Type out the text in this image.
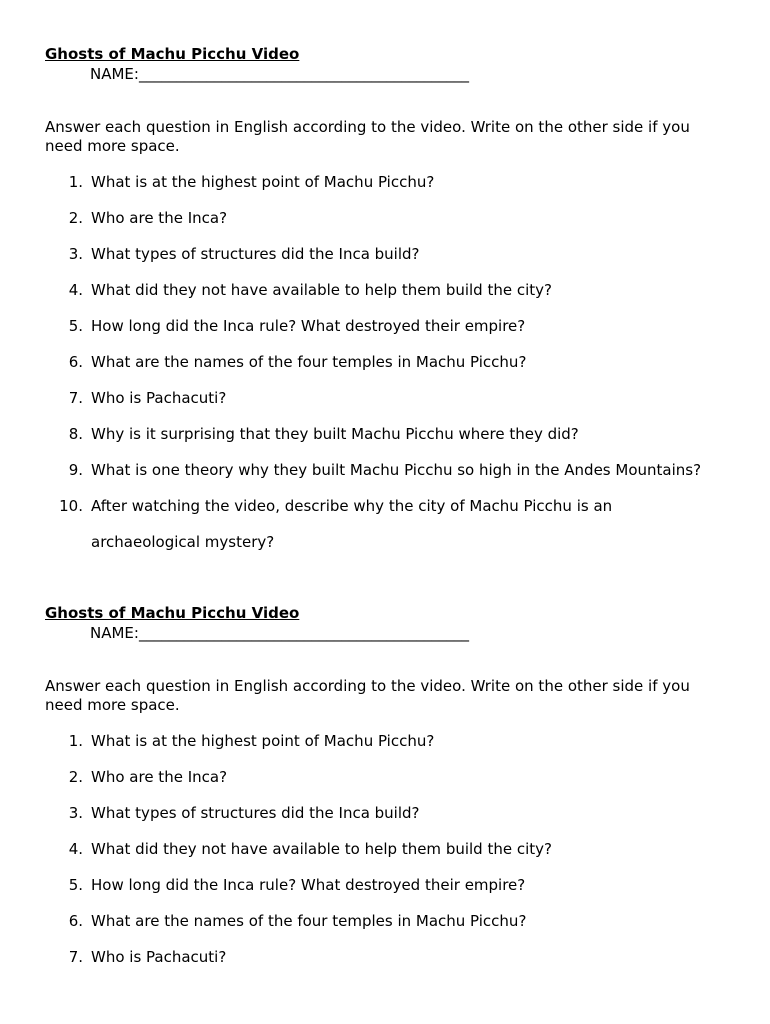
Ghosts of Machu Picchu Video
NAME:____________________________________________
Answer each question in English according to the video. Write on the other side if you need more space.
1. What is at the highest point of Machu Picchu?
2. Who are the Inca?
3. What types of structures did the Inca build?
4. What did they not have available to help them build the city?
5. How long did the Inca rule? What destroyed their empire?
6. What are the names of the four temples in Machu Picchu?
7. Who is Pachacuti?
8. Why is it surprising that they built Machu Picchu where they did?
9. What is one theory why they built Machu Picchu so high in the Andes Mountains?
10. After watching the video, describe why the city of Machu Picchu is an archaeological mystery?
Ghosts of Machu Picchu Video
NAME:____________________________________________
Answer each question in English according to the video. Write on the other side if you need more space.
1. What is at the highest point of Machu Picchu?
2. Who are the Inca?
3. What types of structures did the Inca build?
4. What did they not have available to help them build the city?
5. How long did the Inca rule? What destroyed their empire?
6. What are the names of the four temples in Machu Picchu?
7. Who is Pachacuti?
